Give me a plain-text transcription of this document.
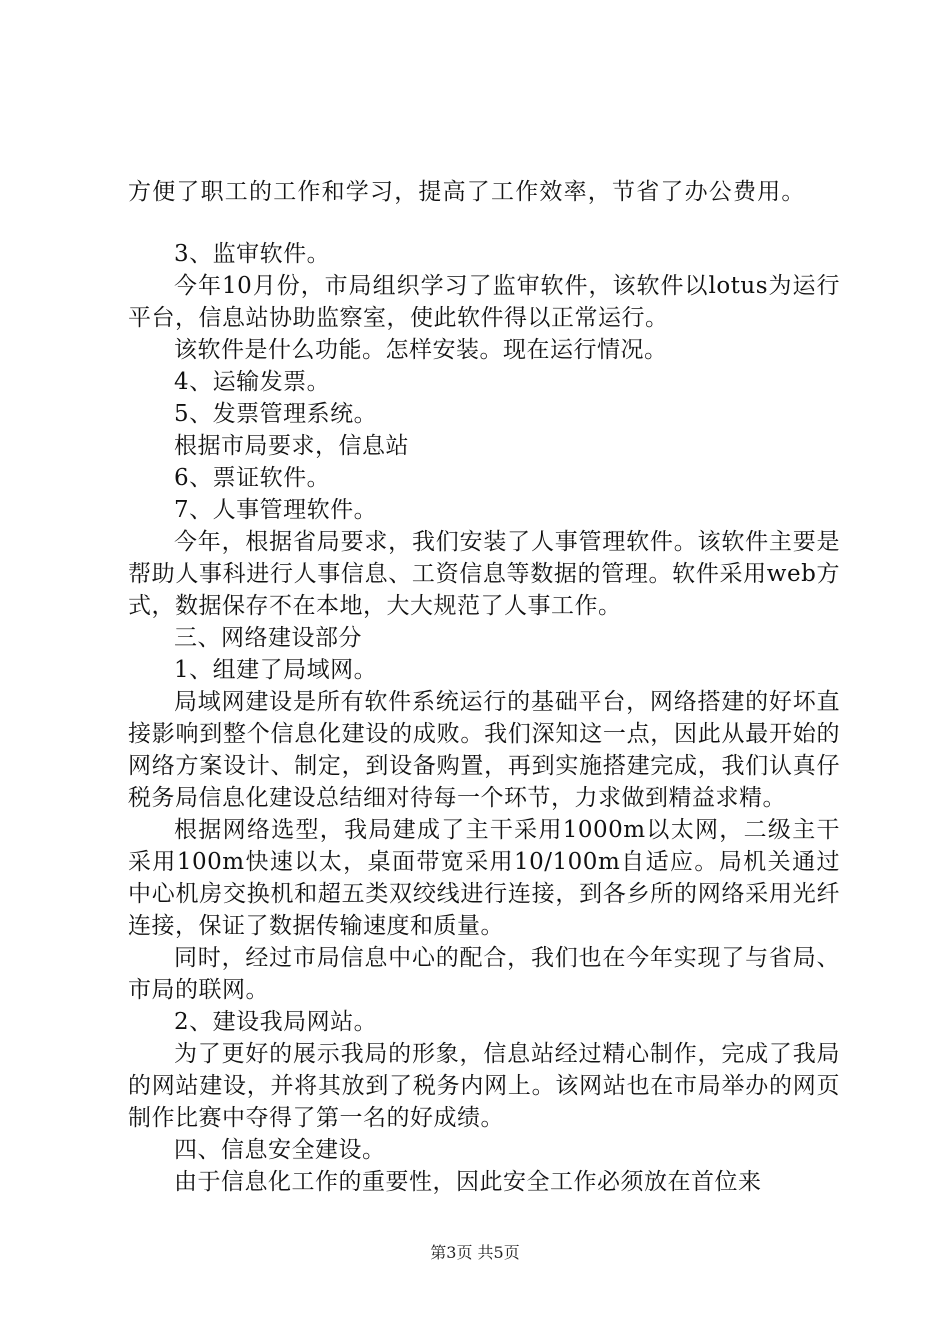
方便了职工的工作和学习，提高了工作效率，节省了办公费用。

3、监审软件。

今年10月份，市局组织学习了监审软件，该软件以lotus为运行平台，信息站协助监察室，使此软件得以正常运行。

该软件是什么功能。怎样安装。现在运行情况。

4、运输发票。

5、发票管理系统。

根据市局要求，信息站

6、票证软件。

7、人事管理软件。

今年，根据省局要求，我们安装了人事管理软件。该软件主要是帮助人事科进行人事信息、工资信息等数据的管理。软件采用web方式，数据保存不在本地，大大规范了人事工作。

三、网络建设部分

1、组建了局域网。

局域网建设是所有软件系统运行的基础平台，网络搭建的好坏直接影响到整个信息化建设的成败。我们深知这一点，因此从最开始的网络方案设计、制定，到设备购置，再到实施搭建完成，我们认真仔税务局信息化建设总结细对待每一个环节，力求做到精益求精。

根据网络选型，我局建成了主干采用1000m以太网，二级主干采用100m快速以太，桌面带宽采用10/100m自适应。局机关通过中心机房交换机和超五类双绞线进行连接，到各乡所的网络采用光纤连接，保证了数据传输速度和质量。

同时，经过市局信息中心的配合，我们也在今年实现了与省局、市局的联网。

2、建设我局网站。

为了更好的展示我局的形象，信息站经过精心制作，完成了我局的网站建设，并将其放到了税务内网上。该网站也在市局举办的网页制作比赛中夺得了第一名的好成绩。

四、信息安全建设。

由于信息化工作的重要性，因此安全工作必须放在首位来

第3页 共5页
